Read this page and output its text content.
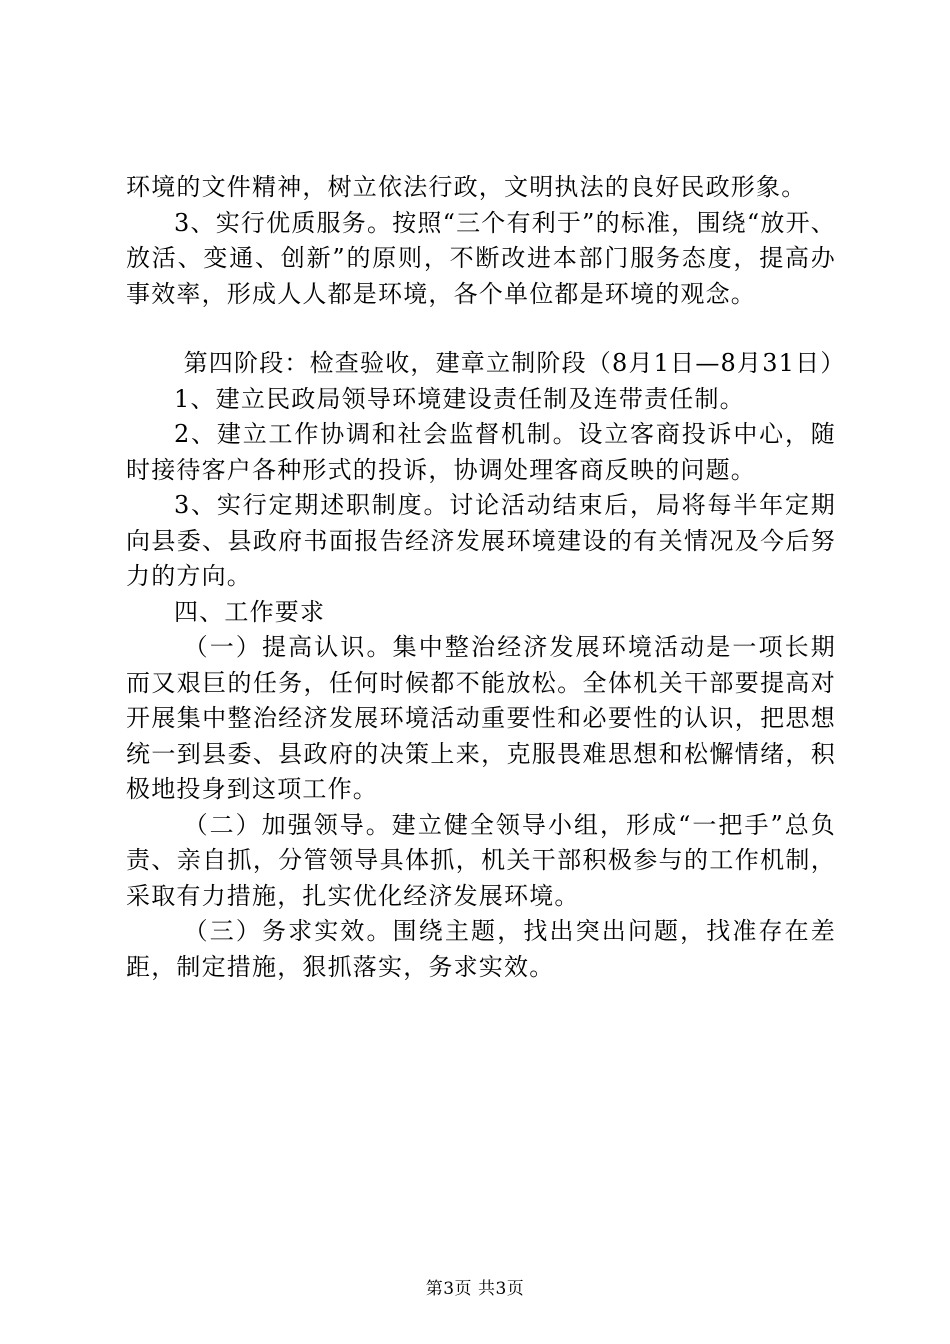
环境的文件精神，树立依法行政，文明执法的良好民政形象。

3、实行优质服务。按照“三个有利于”的标准，围绕“放开、放活、变通、创新”的原则，不断改进本部门服务态度，提高办事效率，形成人人都是环境，各个单位都是环境的观念。

第四阶段：检查验收，建章立制阶段（8月1日—8月31日）

1、建立民政局领导环境建设责任制及连带责任制。

2、建立工作协调和社会监督机制。设立客商投诉中心，随时接待客户各种形式的投诉，协调处理客商反映的问题。

3、实行定期述职制度。讨论活动结束后，局将每半年定期向县委、县政府书面报告经济发展环境建设的有关情况及今后努力的方向。

四、工作要求

（一）提高认识。集中整治经济发展环境活动是一项长期而又艰巨的任务，任何时候都不能放松。全体机关干部要提高对开展集中整治经济发展环境活动重要性和必要性的认识，把思想统一到县委、县政府的决策上来，克服畏难思想和松懈情绪，积极地投身到这项工作。

（二）加强领导。建立健全领导小组，形成“一把手”总负责、亲自抓，分管领导具体抓，机关干部积极参与的工作机制，采取有力措施，扎实优化经济发展环境。

（三）务求实效。围绕主题，找出突出问题，找准存在差距，制定措施，狠抓落实，务求实效。

第3页 共3页
